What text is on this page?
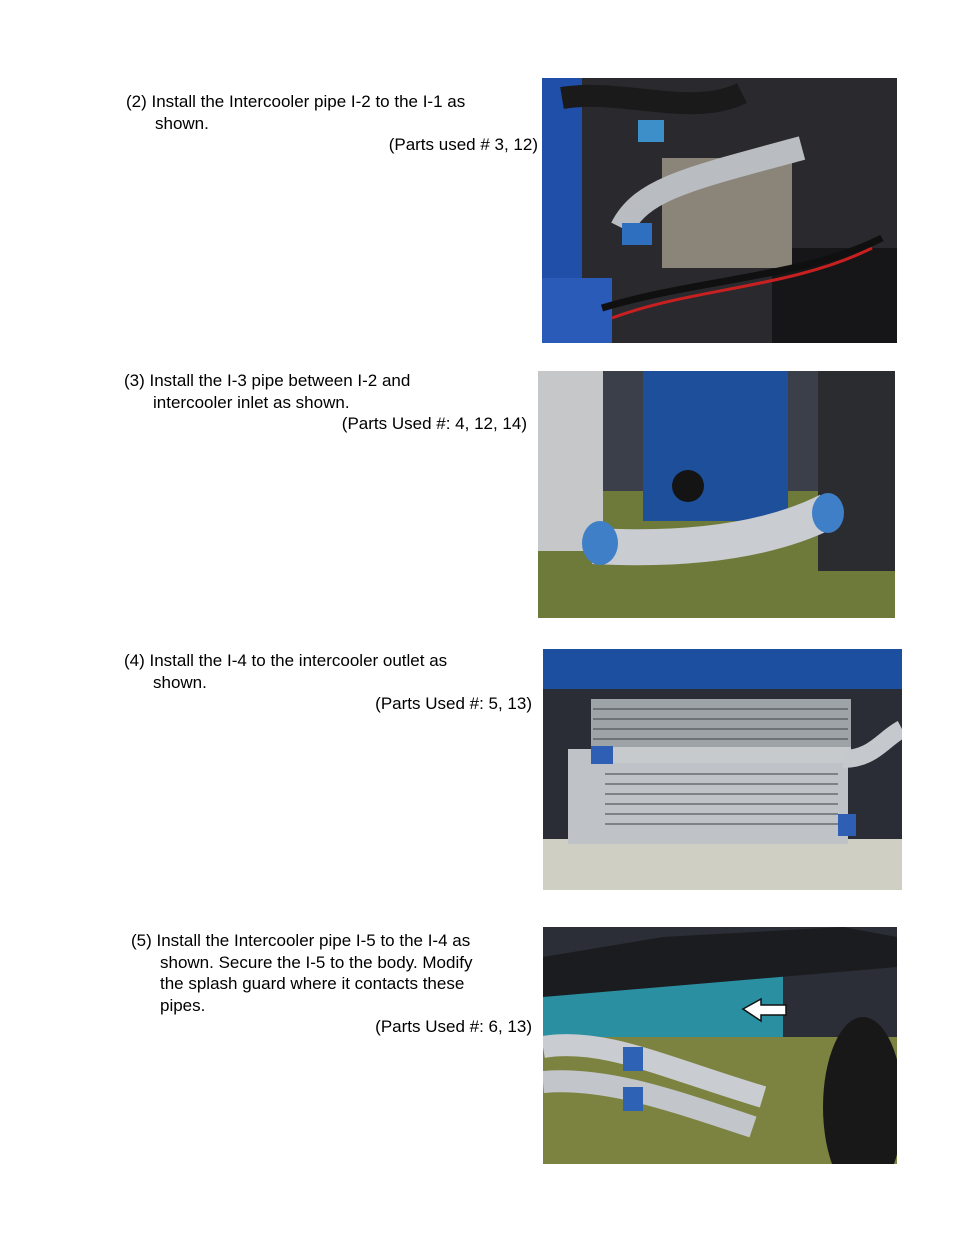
(2) Install the Intercooler pipe I-2 to the I-1 as
shown.
(Parts used # 3, 12)
(3) Install the I-3 pipe between I-2 and
intercooler inlet as shown.
(Parts Used #: 4, 12, 14)
(4) Install the I-4 to the intercooler outlet as
shown.
(Parts Used #: 5, 13)
(5) Install the Intercooler pipe I-5 to the I-4 as
shown. Secure the I-5 to the body. Modify
the splash guard where it contacts these
pipes.
(Parts Used #: 6, 13)
